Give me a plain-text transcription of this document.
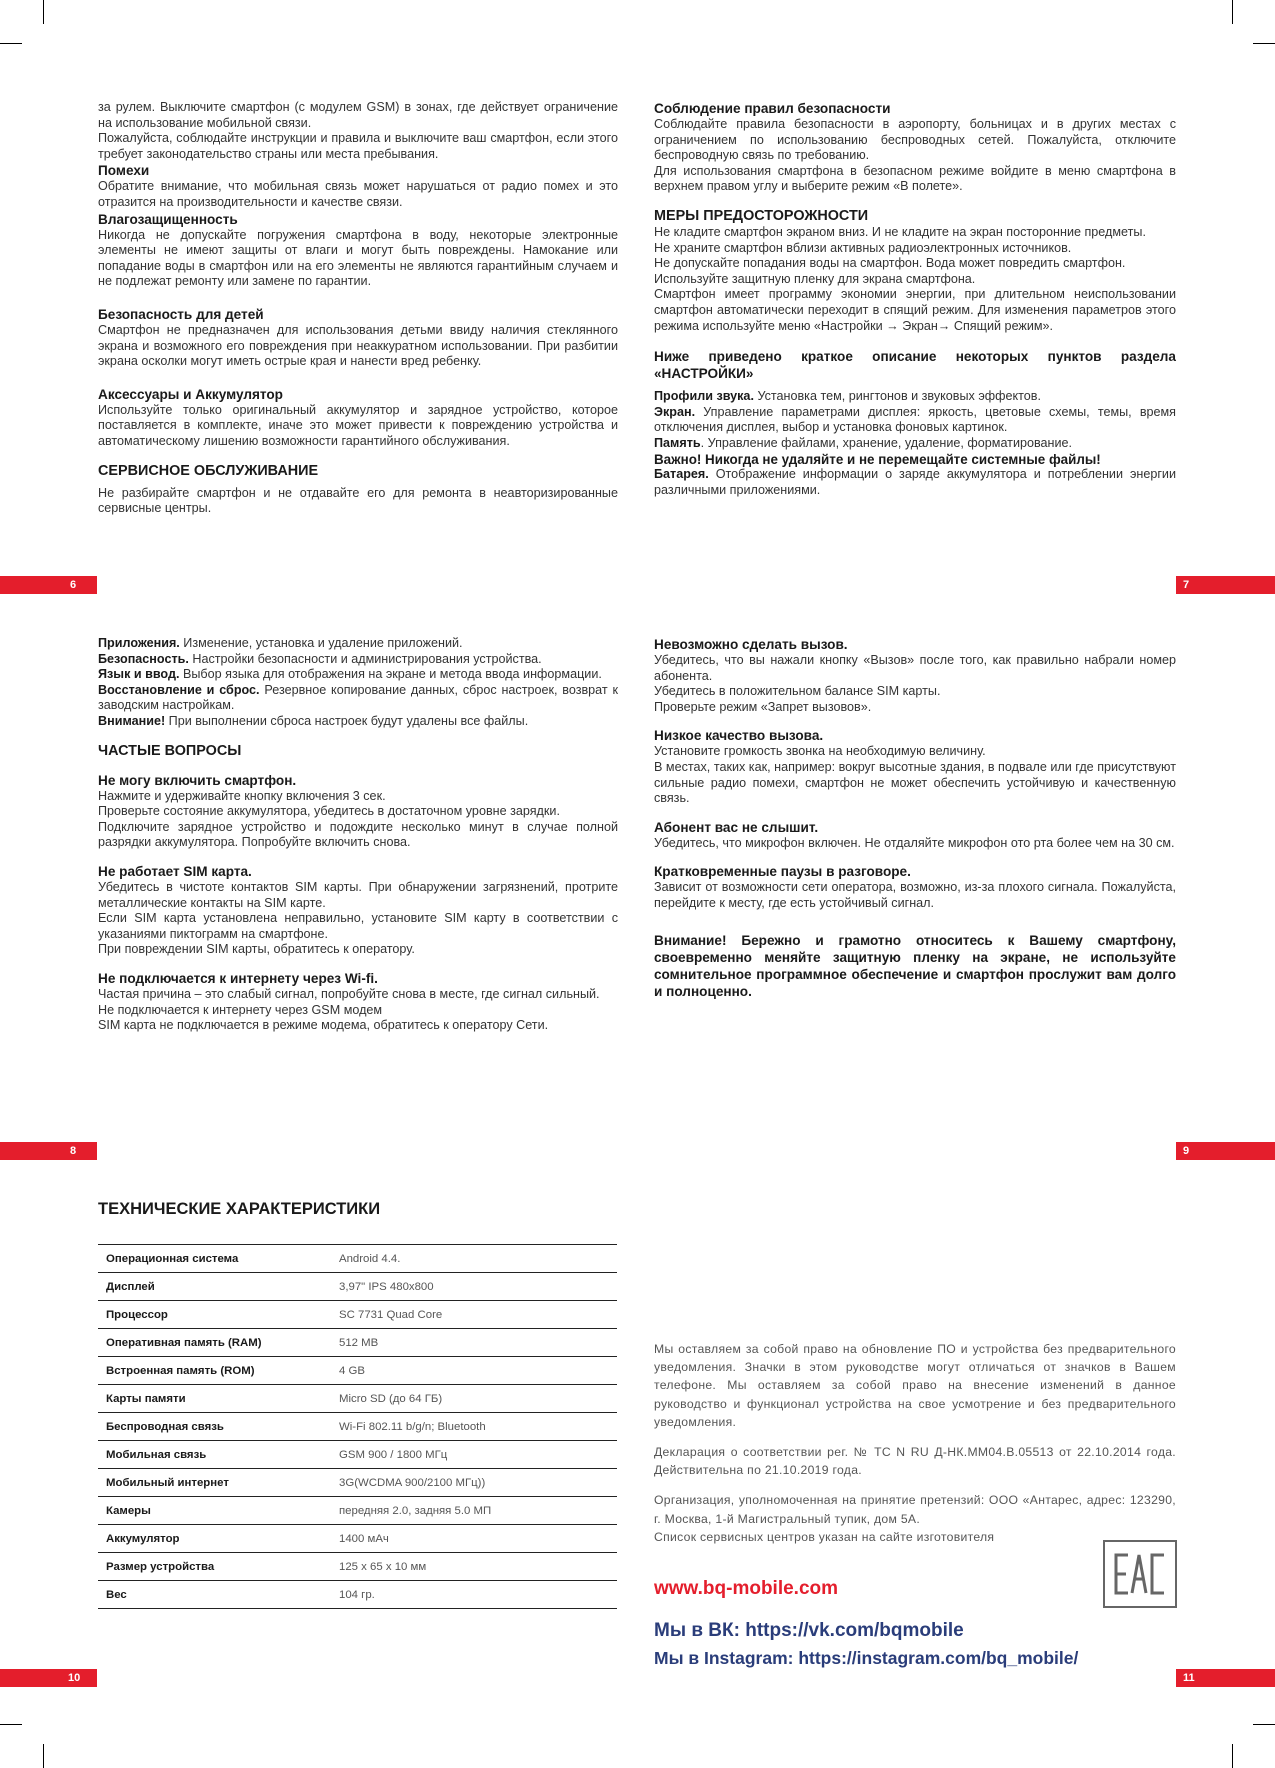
за рулем. Выключите смартфон (с модулем GSM) в зонах, где действует ограничение на использование мобильной связи.

Пожалуйста, соблюдайте инструкции и правила и выключите ваш смартфон, если этого требует законодательство страны или места пребывания.

Помехи

Обратите внимание, что мобильная связь может нарушаться от радио помех и это отразится на производительности и качестве связи.

Влагозащищенность

Никогда не допускайте погружения смартфона в воду, некоторые электронные элементы не имеют защиты от влаги и могут быть повреждены. Намокание или попадание воды в смартфон или на его элементы не являются гарантийным случаем и не подлежат ремонту или замене по гарантии.

Безопасность для детей

Смартфон не предназначен для использования детьми ввиду наличия стеклянного экрана и возможного его повреждения при неаккуратном использовании. При разбитии экрана осколки могут иметь острые края и нанести вред ребенку.

Аксессуары и Аккумулятор

Используйте только оригинальный аккумулятор и зарядное устройство, которое поставляется в комплекте, иначе это может привести к повреждению устройства и автоматическому лишению возможности гарантийного обслуживания.

СЕРВИСНОЕ ОБСЛУЖИВАНИЕ

Не разбирайте смартфон и не отдавайте его для ремонта в неавторизированные сервисные центры.

6
Соблюдение правил безопасности

Соблюдайте правила безопасности в аэропорту, больницах и в других местах с ограничением по использованию беспроводных сетей. Пожалуйста, отключите беспроводную связь по требованию.

Для использования смартфона в безопасном режиме войдите в меню смартфона в верхнем правом углу и выберите режим «В полете».

МЕРЫ ПРЕДОСТОРОЖНОСТИ

Не кладите смартфон экраном вниз. И не кладите на экран посторонние предметы.

Не храните смартфон вблизи активных радиоэлектронных источников.

Не допускайте попадания воды на смартфон. Вода может повредить смартфон.

Используйте защитную пленку для экрана смартфона.

Смартфон имеет программу экономии энергии, при длительном неиспользовании смартфон автоматически переходит в спящий режим. Для изменения параметров этого режима используйте меню «Настройки → Экран→ Спящий режим».

Ниже приведено краткое описание некоторых пунктов раздела «НАСТРОЙКИ»

Профили звука. Установка тем, рингтонов и звуковых эффектов.

Экран. Управление параметрами дисплея: яркость, цветовые схемы, темы, время отключения дисплея, выбор и установка фоновых картинок.

Память. Управление файлами, хранение, удаление, форматирование.

Важно! Никогда не удаляйте и не перемещайте системные файлы!

Батарея. Отображение информации о заряде аккумулятора и потреблении энергии различными приложениями.

7

Приложения. Изменение, установка и удаление приложений.

Безопасность. Настройки безопасности и администрирования устройства.

Язык и ввод. Выбор языка для отображения на экране и метода ввода информации.

Восстановление и сброс. Резервное копирование данных, сброс настроек, возврат к заводским настройкам.

Внимание! При выполнении сброса настроек будут удалены все файлы.

ЧАСТЫЕ ВОПРОСЫ
Не могу включить смартфон.

Нажмите и удерживайте кнопку включения 3 сек.

Проверьте состояние аккумулятора, убедитесь в достаточном уровне зарядки.

Подключите зарядное устройство и подождите несколько минут в случае полной разрядки аккумулятора. Попробуйте включить снова.

Не работает SIM карта.

Убедитесь в чистоте контактов SIM карты. При обнаружении загрязнений, протрите металлические контакты на SIM карте.

Если SIM карта установлена неправильно, установите SIM карту в соответствии с указаниями пиктограмм на смартфоне.

При повреждении SIM карты, обратитесь к оператору.

Не подключается к интернету через Wi-fi.

Частая причина – это слабый сигнал, попробуйте снова в месте, где сигнал сильный.

Не подключается к интернету через GSM модем

SIM карта не подключается в режиме модема, обратитесь к оператору Сети.

8
Невозможно сделать вызов.

Убедитесь, что вы нажали кнопку «Вызов» после того, как правильно набрали номер абонента.

Убедитесь в положительном балансе SIM карты.

Проверьте режим «Запрет вызовов».

Низкое качество вызова.

Установите громкость звонка на необходимую величину.

В местах, таких как, например: вокруг высотные здания, в подвале или где присутствуют сильные радио помехи, смартфон не может обеспечить устойчивую и качественную связь.

Абонент вас не слышит.

Убедитесь, что микрофон включен. Не отдаляйте микрофон ото рта более чем на 30 см.

Кратковременные паузы в разговоре.

Зависит от возможности сети оператора, возможно, из-за плохого сигнала. Пожалуйста, перейдите к месту, где есть устойчивый сигнал.

Внимание! Бережно и грамотно относитесь к Вашему смартфону, своевременно меняйте защитную пленку на экране, не используйте сомнительное программное обеспечение и смартфон прослужит вам долго и полноценно.

9
ТЕХНИЧЕСКИЕ ХАРАКТЕРИСТИКИ
Операционная система	Android 4.4.
Дисплей	3,97" IPS 480х800
Процессор	SC 7731 Quad Core
Оперативная память (RAM)	512 MB
Встроенная память (ROM)	4 GB
Карты памяти	Micro SD (до 64 ГБ)
Беспроводная связь	Wi-Fi 802.11 b/g/n; Bluetooth
Мобильная связь	GSM 900 / 1800 МГц
Мобильный интернет	3G(WCDMA 900/2100 МГц))
Камеры	передняя 2.0, задняя 5.0 МП
Аккумулятор	1400 мАч
Размер устройства	125 x 65 x 10 мм
Вес	104 гр.
10

Мы оставляем за собой право на обновление ПО и устройства без предварительного уведомления. Значки в этом руководстве могут отличаться от значков в Вашем телефоне. Мы оставляем за собой право на внесение изменений в данное руководство и функционал устройства на свое усмотрение и без предварительного уведомления.

Декларация о соответствии рег. № ТС N RU Д-НК.ММ04.В.05513 от 22.10.2014 года. Действительна по 21.10.2019 года.

Организация, уполномоченная на принятие претензий: ООО «Антарес, адрес: 123290, г. Москва, 1-й Магистральный тупик, дом 5А.
Список сервисных центров указан на сайте изготовителя

www.bq-mobile.com
Мы в ВК: https://vk.com/bqmobile
Мы в Instagram: https://instagram.com/bq_mobile/
11
